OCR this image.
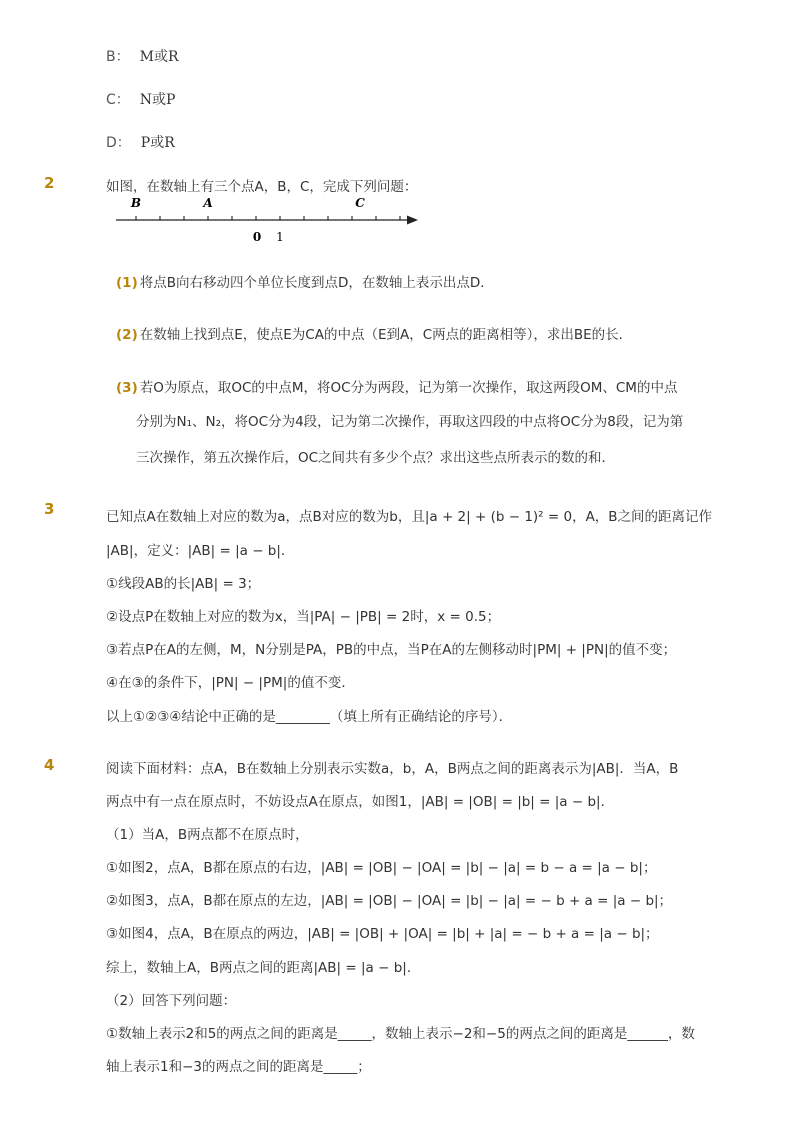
B： M或R
C： N或P
D： P或R
2	如图，在数轴上有三个点A，B，C，完成下列问题：
B	A	C
0 1
(1) 将点B向右移动四个单位长度到点D，在数轴上表示出点D．
(2) 在数轴上找到点E，使点E为CA的中点（E到A，C两点的距离相等），求出BE的长．
(3) 若O为原点，取OC的中点M，将OC分为两段，记为第一次操作，取这两段OM、CM的中点
分别为N₁、N₂，将OC分为4段，记为第二次操作，再取这四段的中点将OC分为8段，记为第
三次操作，第五次操作后，OC之间共有多少个点？求出这些点所表示的数的和．
3	已知点A在数轴上对应的数为a，点B对应的数为b，且|a + 2| + (b − 1)² = 0，A，B之间的距离记作
|AB|，定义：|AB| = |a − b|．
①线段AB的长|AB| = 3；
②设点P在数轴上对应的数为x，当|PA| − |PB| = 2时，x = 0.5；
③若点P在A的左侧，M，N分别是PA，PB的中点，当P在A的左侧移动时|PM| + |PN|的值不变；
④在③的条件下，|PN| − |PM|的值不变．
以上①②③④结论中正确的是________（填上所有正确结论的序号）．
4	阅读下面材料：点A，B在数轴上分别表示实数a，b，A，B两点之间的距离表示为|AB|．当A，B
两点中有一点在原点时，不妨设点A在原点，如图1，|AB| = |OB| = |b| = |a − b|．
（1）当A，B两点都不在原点时，
①如图2，点A，B都在原点的右边，|AB| = |OB| − |OA| = |b| − |a| = b − a = |a − b|；
②如图3，点A，B都在原点的左边，|AB| = |OB| − |OA| = |b| − |a| = − b + a = |a − b|；
③如图4，点A，B在原点的两边，|AB| = |OB| + |OA| = |b| + |a| = − b + a = |a − b|；
综上，数轴上A，B两点之间的距离|AB| = |a − b|．
（2）回答下列问题：
①数轴上表示2和5的两点之间的距离是_____，数轴上表示−2和−5的两点之间的距离是______，数
轴上表示1和−3的两点之间的距离是_____；
